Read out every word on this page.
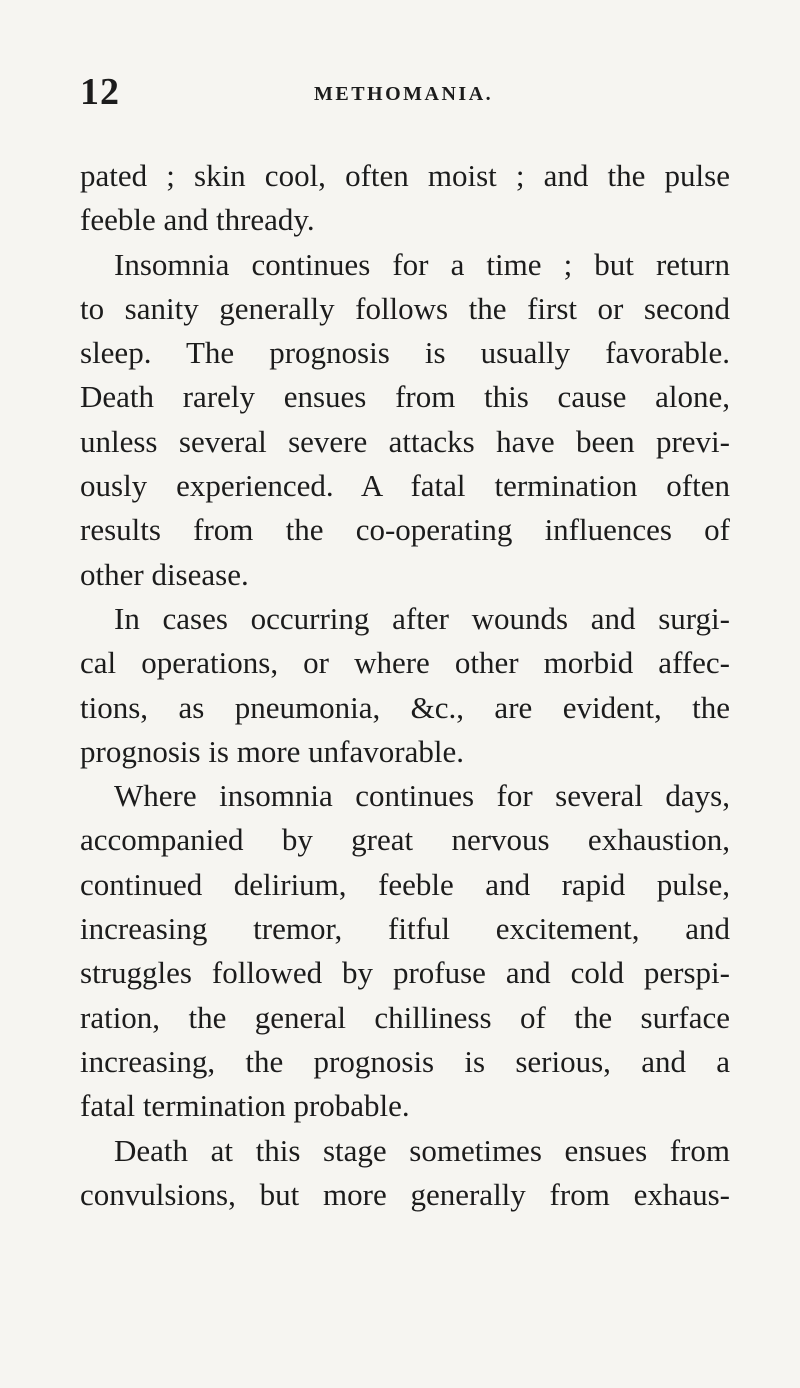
12	METHOMANIA.
pated ; skin cool, often moist ; and the pulse
feeble and thready.
Insomnia continues for a time ; but return
to sanity generally follows the first or second
sleep. The prognosis is usually favorable.
Death rarely ensues from this cause alone,
unless several severe attacks have been previ-
ously experienced. A fatal termination often
results from the co-operating influences of
other disease.
In cases occurring after wounds and surgi-
cal operations, or where other morbid affec-
tions, as pneumonia, &c., are evident, the
prognosis is more unfavorable.
Where insomnia continues for several days,
accompanied by great nervous exhaustion,
continued delirium, feeble and rapid pulse,
increasing tremor, fitful excitement, and
struggles followed by profuse and cold perspi-
ration, the general chilliness of the surface
increasing, the prognosis is serious, and a
fatal termination probable.
Death at this stage sometimes ensues from
convulsions, but more generally from exhaus-
